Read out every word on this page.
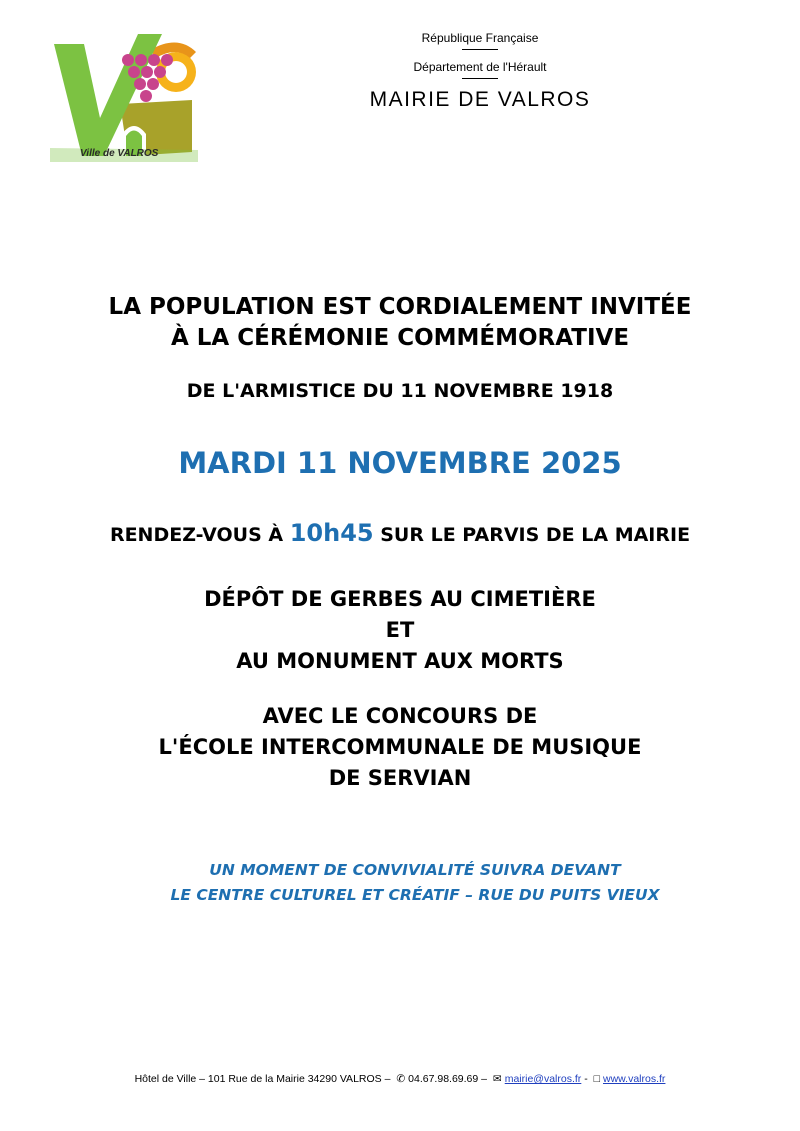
Ville de VALROS
République Française
Département de l'Hérault
MAIRIE DE VALROS
LA POPULATION EST CORDIALEMENT INVITÉE
À LA CÉRÉMONIE COMMÉMORATIVE
DE L'ARMISTICE DU 11 NOVEMBRE 1918
MARDI 11 NOVEMBRE 2025
RENDEZ-VOUS À 10h45 SUR LE PARVIS DE LA MAIRIE
DÉPÔT DE GERBES AU CIMETIÈRE
ET
AU MONUMENT AUX MORTS
AVEC LE CONCOURS DE
L'ÉCOLE INTERCOMMUNALE DE MUSIQUE
DE SERVIAN
UN MOMENT DE CONVIVIALITÉ SUIVRA DEVANT
LE CENTRE CULTUREL ET CRÉATIF – RUE DU PUITS VIEUX
Hôtel de Ville – 101 Rue de la Mairie 34290 VALROS – ✆ 04.67.98.69.69 – ✉ mairie@valros.fr - □ www.valros.fr
